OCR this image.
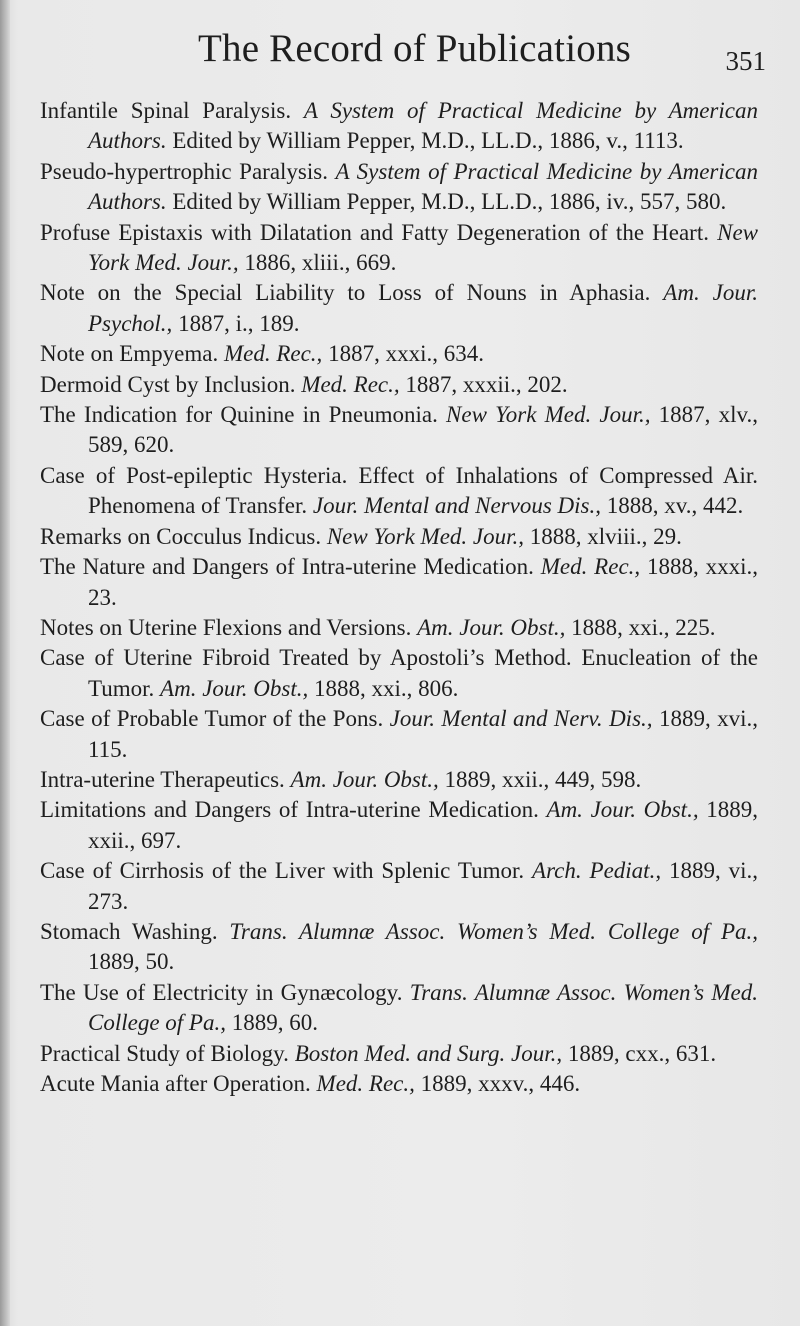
The Record of Publications	351
Infantile Spinal Paralysis. A System of Practical Medicine by American Authors. Edited by William Pepper, M.D., LL.D., 1886, v., 1113.
Pseudo-hypertrophic Paralysis. A System of Practical Medicine by American Authors. Edited by William Pepper, M.D., LL.D., 1886, iv., 557, 580.
Profuse Epistaxis with Dilatation and Fatty Degeneration of the Heart. New York Med. Jour., 1886, xliii., 669.
Note on the Special Liability to Loss of Nouns in Aphasia. Am. Jour. Psychol., 1887, i., 189.
Note on Empyema. Med. Rec., 1887, xxxi., 634.
Dermoid Cyst by Inclusion. Med. Rec., 1887, xxxii., 202.
The Indication for Quinine in Pneumonia. New York Med. Jour., 1887, xlv., 589, 620.
Case of Post-epileptic Hysteria. Effect of Inhalations of Compressed Air. Phenomena of Transfer. Jour. Mental and Nervous Dis., 1888, xv., 442.
Remarks on Cocculus Indicus. New York Med. Jour., 1888, xlviii., 29.
The Nature and Dangers of Intra-uterine Medication. Med. Rec., 1888, xxxi., 23.
Notes on Uterine Flexions and Versions. Am. Jour. Obst., 1888, xxi., 225.
Case of Uterine Fibroid Treated by Apostoli’s Method. Enucleation of the Tumor. Am. Jour. Obst., 1888, xxi., 806.
Case of Probable Tumor of the Pons. Jour. Mental and Nerv. Dis., 1889, xvi., 115.
Intra-uterine Therapeutics. Am. Jour. Obst., 1889, xxii., 449, 598.
Limitations and Dangers of Intra-uterine Medication. Am. Jour. Obst., 1889, xxii., 697.
Case of Cirrhosis of the Liver with Splenic Tumor. Arch. Pediat., 1889, vi., 273.
Stomach Washing. Trans. Alumnæ Assoc. Women’s Med. College of Pa., 1889, 50.
The Use of Electricity in Gynæcology. Trans. Alumnæ Assoc. Women’s Med. College of Pa., 1889, 60.
Practical Study of Biology. Boston Med. and Surg. Jour., 1889, cxx., 631.
Acute Mania after Operation. Med. Rec., 1889, xxxv., 446.
